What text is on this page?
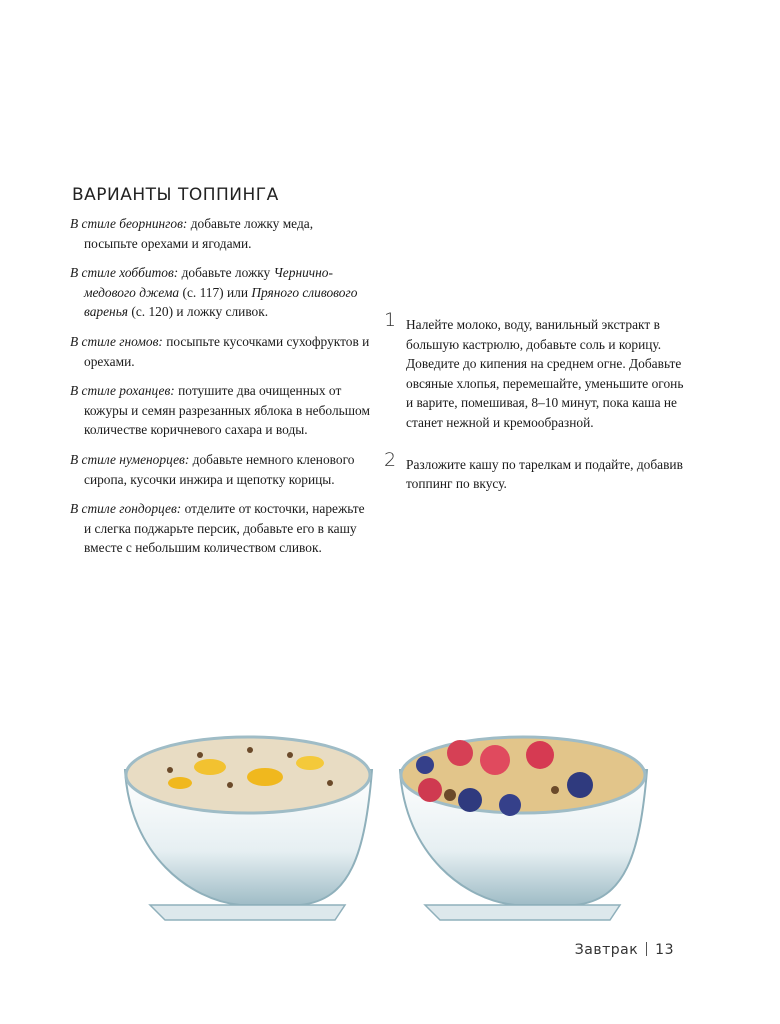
ВАРИАНТЫ ТОППИНГА

В стиле беорнингов: добавьте ложку меда, посыпьте орехами и ягодами.

В стиле хоббитов: добавьте ложку Чернично-медового джема (с. 117) или Пряного сливового варенья (с. 120) и ложку сливок.

В стиле гномов: посыпьте кусочками сухофруктов и орехами.

В стиле роханцев: потушите два очищенных от кожуры и семян разрезанных яблока в небольшом количестве коричневого сахара и воды.

В стиле нуменорцев: добавьте немного кленового сиропа, кусочки инжира и щепотку корицы.

В стиле гондорцев: отделите от косточки, нарежьте и слегка поджарьте персик, добавьте его в кашу вместе с небольшим количеством сливок.

1 Налейте молоко, воду, ванильный экстракт в большую кастрюлю, добавьте соль и корицу. Доведите до кипения на среднем огне. Добавьте овсяные хлопья, перемешайте, уменьшите огонь и варите, помешивая, 8–10 минут, пока каша не станет нежной и кремообразной.
2 Разложите кашу по тарелкам и подайте, добавив топпинг по вкусу.
Завтрак 13
